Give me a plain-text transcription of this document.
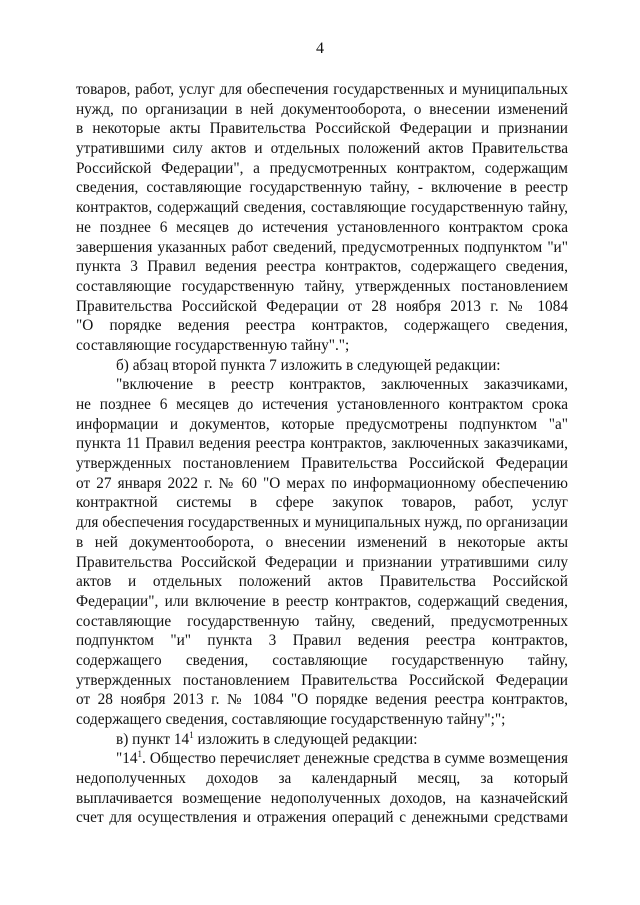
4
товаров, работ, услуг для обеспечения государственных и муниципальных
нужд, по организации в ней документооборота, о внесении изменений
в некоторые акты Правительства Российской Федерации и признании
утратившими силу актов и отдельных положений актов Правительства
Российской Федерации", а предусмотренных контрактом, содержащим
сведения, составляющие государственную тайну, - включение в реестр
контрактов, содержащий сведения, составляющие государственную тайну,
не позднее 6 месяцев до истечения установленного контрактом срока
завершения указанных работ сведений, предусмотренных подпунктом "и"
пункта 3 Правил ведения реестра контрактов, содержащего сведения,
составляющие государственную тайну, утвержденных постановлением
Правительства Российской Федерации от 28 ноября 2013 г. № 1084
"О порядке ведения реестра контрактов, содержащего сведения,
составляющие государственную тайну".";
б) абзац второй пункта 7 изложить в следующей редакции:
"включение в реестр контрактов, заключенных заказчиками,
не позднее 6 месяцев до истечения установленного контрактом срока
информации и документов, которые предусмотрены подпунктом "а"
пункта 11 Правил ведения реестра контрактов, заключенных заказчиками,
утвержденных постановлением Правительства Российской Федерации
от 27 января 2022 г. № 60 "О мерах по информационному обеспечению
контрактной системы в сфере закупок товаров, работ, услуг
для обеспечения государственных и муниципальных нужд, по организации
в ней документооборота, о внесении изменений в некоторые акты
Правительства Российской Федерации и признании утратившими силу
актов и отдельных положений актов Правительства Российской
Федерации", или включение в реестр контрактов, содержащий сведения,
составляющие государственную тайну, сведений, предусмотренных
подпунктом "и" пункта 3 Правил ведения реестра контрактов,
содержащего сведения, составляющие государственную тайну,
утвержденных постановлением Правительства Российской Федерации
от 28 ноября 2013 г. № 1084 "О порядке ведения реестра контрактов,
содержащего сведения, составляющие государственную тайну";";
в) пункт $14^1$ изложить в следующей редакции:
"$14^1$. Общество перечисляет денежные средства в сумме возмещения
недополученных доходов за календарный месяц, за который
выплачивается возмещение недополученных доходов, на казначейский
счет для осуществления и отражения операций с денежными средствами
